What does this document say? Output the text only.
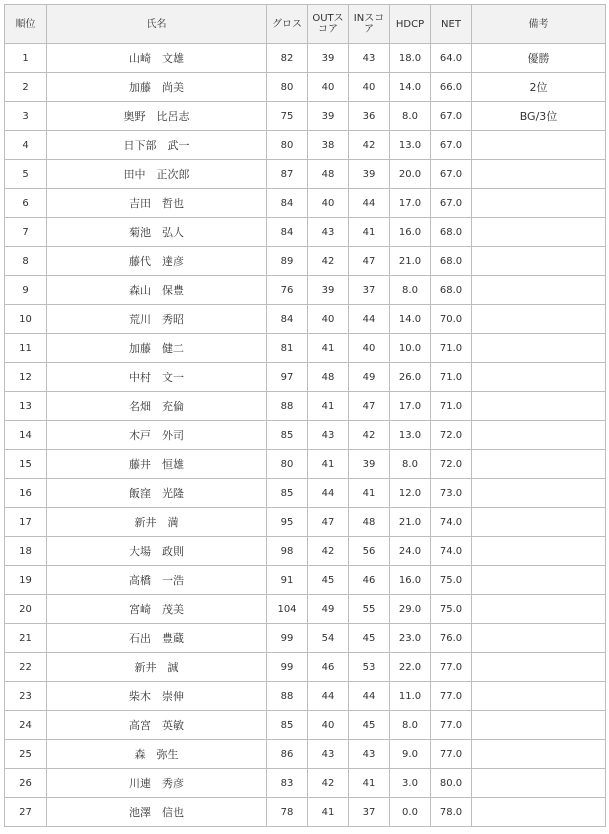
順位	氏名	グロス	OUTスコア	INスコア	HDCP	NET	備考
1	山崎　文雄	82	39	43	18.0	64.0	優勝
2	加藤　尚美	80	40	40	14.0	66.0	2位
3	奥野　比呂志	75	39	36	8.0	67.0	BG/3位
4	日下部　武一	80	38	42	13.0	67.0	
5	田中　正次郎	87	48	39	20.0	67.0	
6	吉田　哲也	84	40	44	17.0	67.0	
7	菊池　弘人	84	43	41	16.0	68.0	
8	藤代　達彦	89	42	47	21.0	68.0	
9	森山　保豊	76	39	37	8.0	68.0	
10	荒川　秀昭	84	40	44	14.0	70.0	
11	加藤　健二	81	41	40	10.0	71.0	
12	中村　文一	97	48	49	26.0	71.0	
13	名畑　充倫	88	41	47	17.0	71.0	
14	木戸　外司	85	43	42	13.0	72.0	
15	藤井　恒雄	80	41	39	8.0	72.0	
16	飯窪　光隆	85	44	41	12.0	73.0	
17	新井　満	95	47	48	21.0	74.0	
18	大場　政則	98	42	56	24.0	74.0	
19	高橋　一浩	91	45	46	16.0	75.0	
20	宮崎　茂美	104	49	55	29.0	75.0	
21	石出　豊蔵	99	54	45	23.0	76.0	
22	新井　誠	99	46	53	22.0	77.0	
23	柴木　崇伸	88	44	44	11.0	77.0	
24	高宮　英敏	85	40	45	8.0	77.0	
25	森　弥生	86	43	43	9.0	77.0	
26	川連　秀彦	83	42	41	3.0	80.0	
27	池澤　信也	78	41	37	0.0	78.0	
